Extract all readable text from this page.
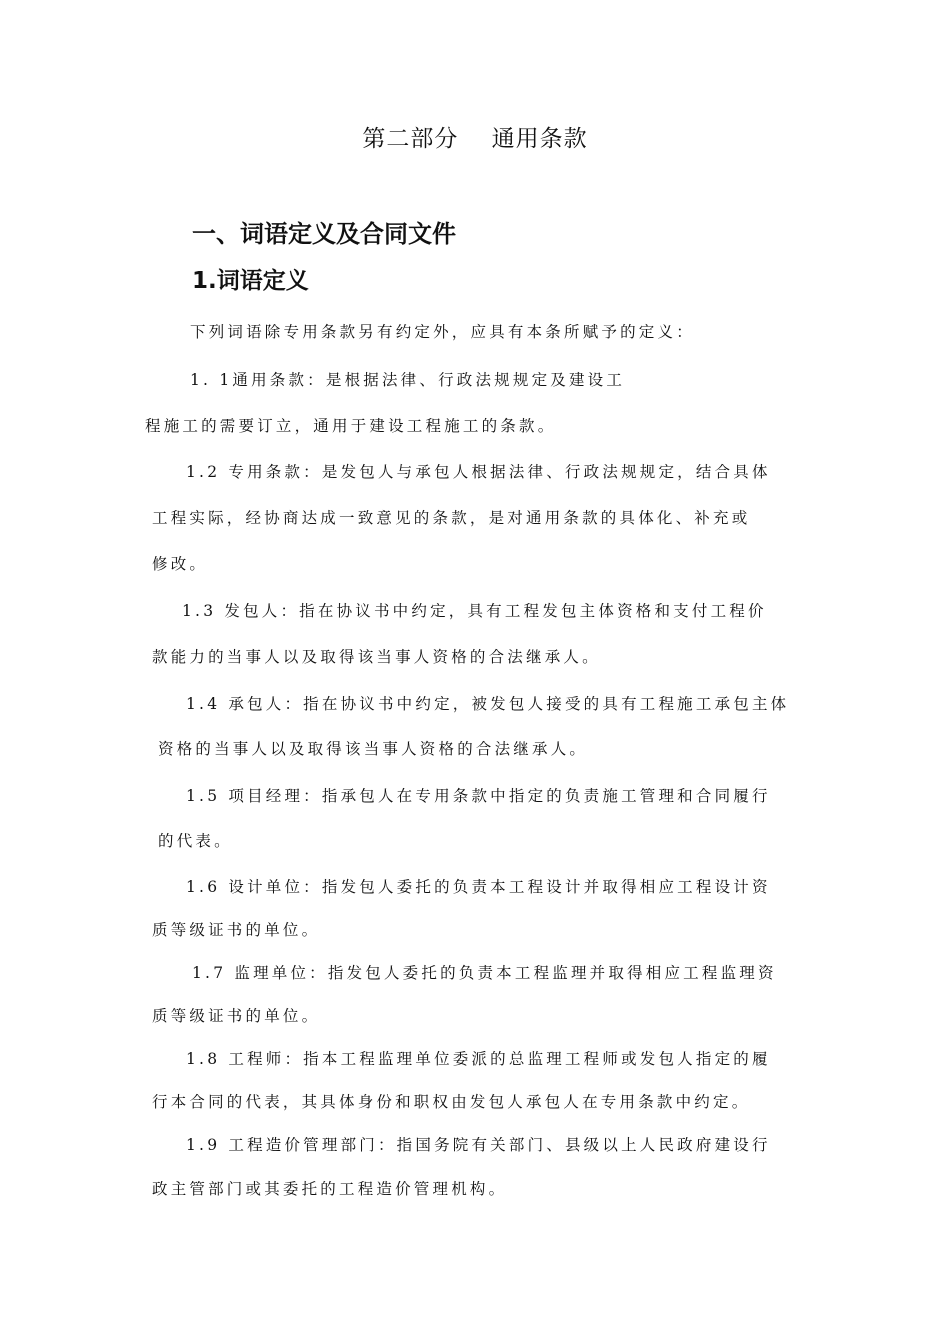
第二部分    通用条款
一、词语定义及合同文件
1.词语定义
下列词语除专用条款另有约定外，应具有本条所赋予的定义：
1. 1通用条款：是根据法律、行政法规规定及建设工
程施工的需要订立，通用于建设工程施工的条款。
1.2 专用条款：是发包人与承包人根据法律、行政法规规定，结合具体
工程实际，经协商达成一致意见的条款，是对通用条款的具体化、补充或
修改。
1.3 发包人：指在协议书中约定，具有工程发包主体资格和支付工程价
款能力的当事人以及取得该当事人资格的合法继承人。
1.4 承包人：指在协议书中约定，被发包人接受的具有工程施工承包主体
资格的当事人以及取得该当事人资格的合法继承人。
1.5 项目经理：指承包人在专用条款中指定的负责施工管理和合同履行
的代表。
1.6 设计单位：指发包人委托的负责本工程设计并取得相应工程设计资
质等级证书的单位。
1.7 监理单位：指发包人委托的负责本工程监理并取得相应工程监理资
质等级证书的单位。
1.8 工程师：指本工程监理单位委派的总监理工程师或发包人指定的履
行本合同的代表，其具体身份和职权由发包人承包人在专用条款中约定。
1.9 工程造价管理部门：指国务院有关部门、县级以上人民政府建设行
政主管部门或其委托的工程造价管理机构。
